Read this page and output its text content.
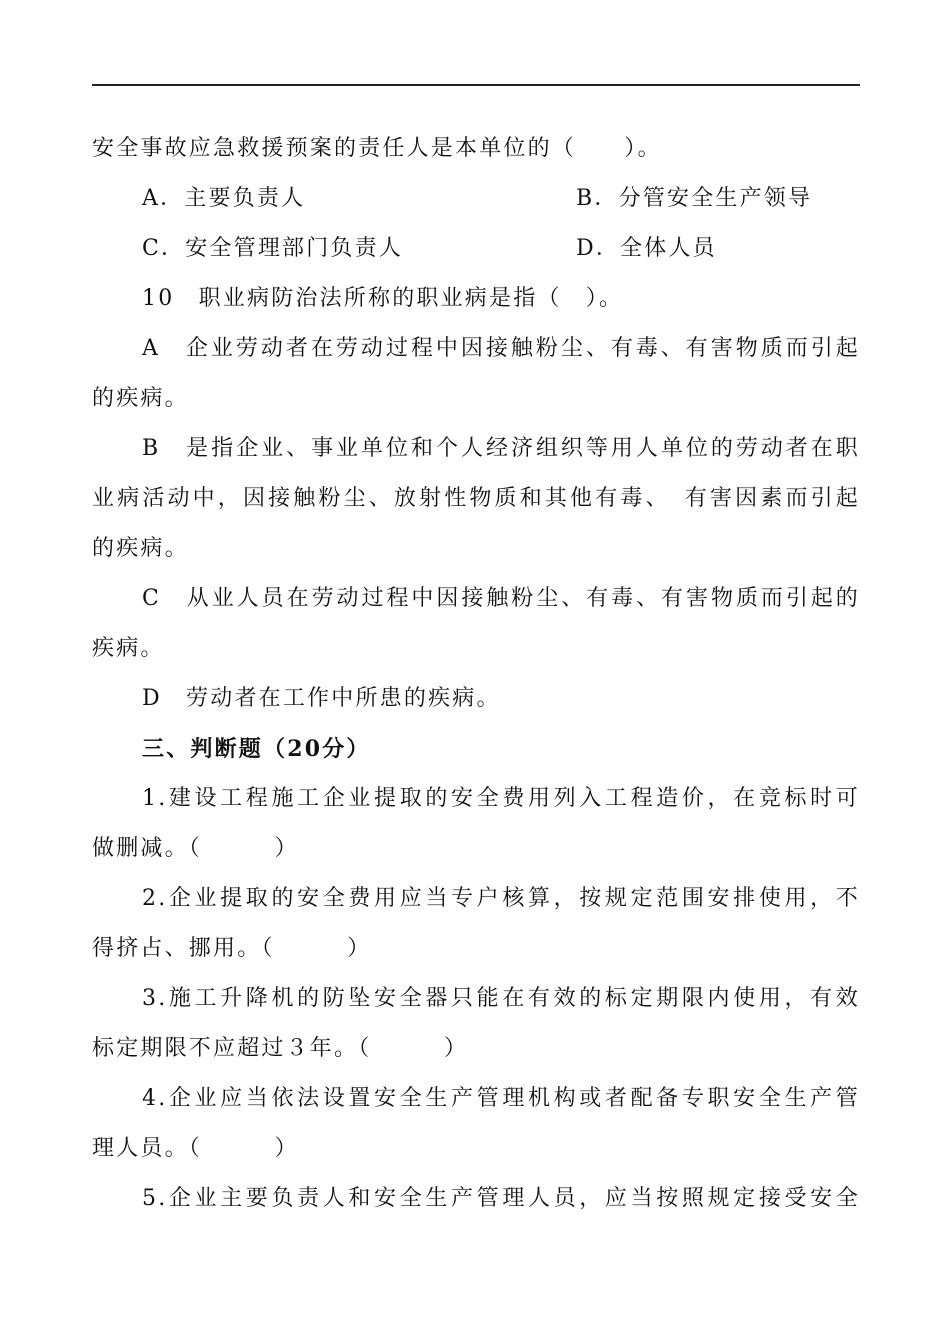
安全事故应急救援预案的责任人是本单位的（　　）。
A．主要负责人	B．分管安全生产领导
C．安全管理部门负责人	D．全体人员
10　职业病防治法所称的职业病是指（　）。
A　企业劳动者在劳动过程中因接触粉尘、有毒、有害物质而引起
的疾病。
B　是指企业、事业单位和个人经济组织等用人单位的劳动者在职
业病活动中，因接触粉尘、放射性物质和其他有毒、　有害因素而引起
的疾病。
C　从业人员在劳动过程中因接触粉尘、有毒、有害物质而引起的
疾病。
D　劳动者在工作中所患的疾病。
三、判断题（20分）
1.建设工程施工企业提取的安全费用列入工程造价，在竞标时可
做删减。（　　　）
2.企业提取的安全费用应当专户核算，按规定范围安排使用，不
得挤占、挪用。（　　　）
3.施工升降机的防坠安全器只能在有效的标定期限内使用，有效
标定期限不应超过３年。（　　　）
4.企业应当依法设置安全生产管理机构或者配备专职安全生产管
理人员。（　　　）
5.企业主要负责人和安全生产管理人员，应当按照规定接受安全
